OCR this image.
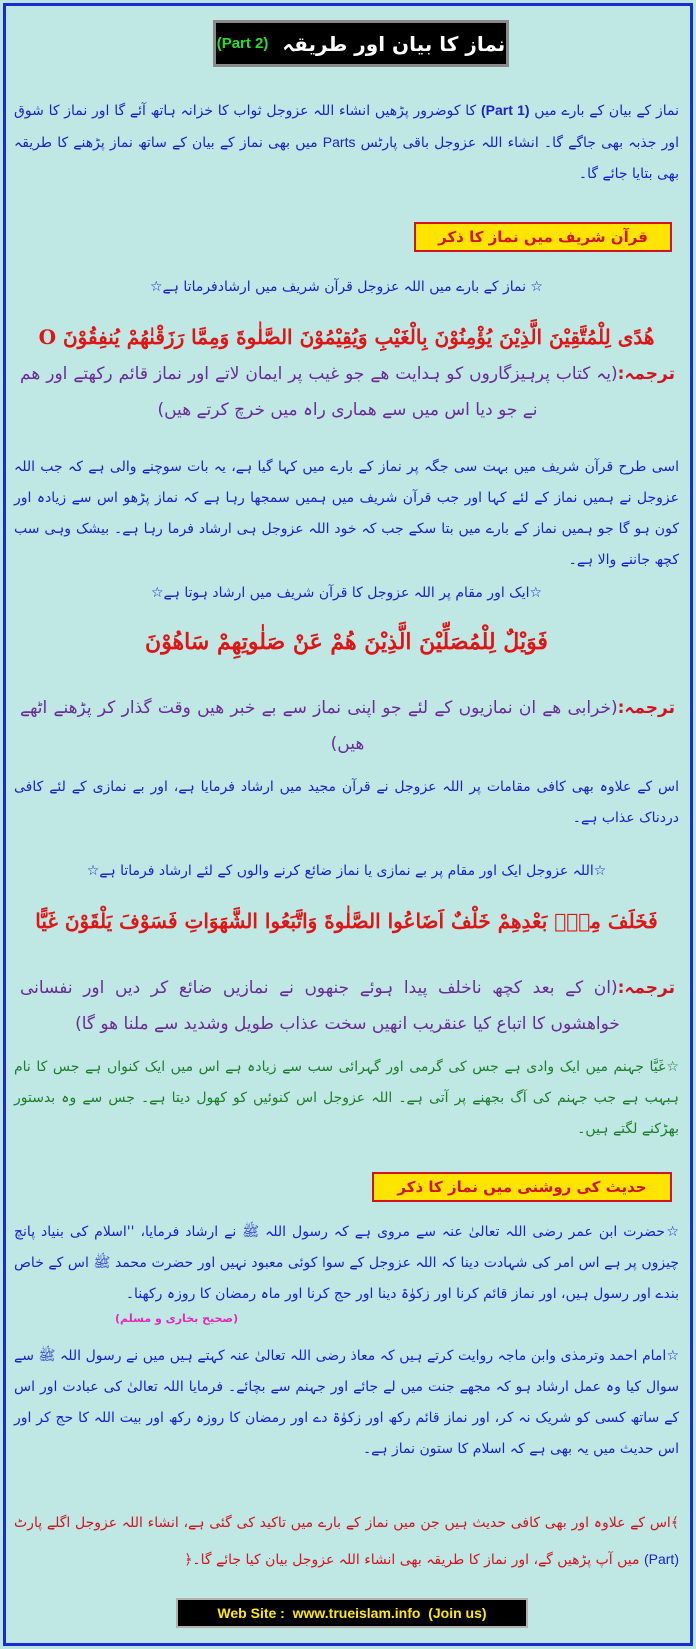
نماز کا بیان اور طریقہ
(Part 2)

نماز کے بیان کے بارے میں (Part 1) کا کوضرور پڑھیں انشاء اللہ عزوجل ثواب کا خزانہ ہاتھ آئے گا اور نماز کا شوق اور جذبہ بھی جاگے گا۔ انشاء اللہ عزوجل باقی پارٹس Parts میں بھی نماز کے بیان کے ساتھ نماز پڑھنے کا طریقہ بھی بتایا جائے گا۔

قرآن شریف میں نماز کا ذکر

☆ نماز کے بارے میں اللہ عزوجل قرآن شریف میں ارشادفرماتا ہے☆

هُدًى لِلْمُتَّقِيْنَ الَّذِيْنَ يُؤْمِنُوْنَ بِالْغَيْبِ وَيُقِيْمُوْنَ الصَّلٰوةَ وَمِمَّا رَزَقْنٰهُمْ يُنفِقُوْنَ O

ترجمہ:(یہ کتاب پرہیزگاروں کو ہدایت ھے جو غیب پر ایمان لاتے اور نماز قائم رکھتے اور ھم نے جو دیا اس میں سے ھماری راہ میں خرچ کرتے ھیں)

اسی طرح قرآن شریف میں بہت سی جگہ پر نماز کے بارے میں کہا گیا ہے، یہ بات سوچنے والی ہے کہ جب اللہ عزوجل نے ہمیں نماز کے لئے کہا اور جب قرآن شریف میں ہمیں سمجھا رہا ہے کہ نماز پڑھو اس سے زیادہ اور کون ہو گا جو ہمیں نماز کے بارے میں بتا سکے جب کہ خود اللہ عزوجل ہی ارشاد فرما رہا ہے۔ بیشک وہی سب کچھ جاننے والا ہے۔

☆ایک اور مقام پر اللہ عزوجل کا قرآن شریف میں ارشاد ہوتا ہے☆

فَوَيْلٌ لِلْمُصَلِّيْنَ الَّذِيْنَ هُمْ عَنْ صَلٰوتِهِمْ سَاهُوْنَ

ترجمہ:(خرابی ھے ان نمازیوں کے لئے جو اپنی نماز سے بے خبر ھیں وقت گذار کر پڑھنے اٹھے ھیں)

اس کے علاوہ بھی کافی مقامات پر اللہ عزوجل نے قرآن مجید میں ارشاد فرمایا ہے، اور بے نمازی کے لئے کافی دردناک عذاب ہے۔

☆اللہ عزوجل ایک اور مقام پر بے نمازی یا نماز ضائع کرنے والوں کے لئے ارشاد فرماتا ہے☆

فَخَلَفَ مِنْۢ بَعْدِهِمْ خَلْفٌ اَضَاعُوا الصَّلٰوةَ وَاتَّبَعُوا الشَّهَوَاتِ فَسَوْفَ يَلْقَوْنَ غَيًّا

ترجمہ:(ان کے بعد کچھ ناخلف پیدا ہوئے جنھوں نے نمازیں ضائع کر دیں اور نفسانی خواھشوں کا اتباع کیا عنقریب انھیں سخت عذاب طویل وشدید سے ملنا ھو گا)

☆غَیَّا جہنم میں ایک وادی ہے جس کی گرمی اور گہرائی سب سے زیادہ ہے اس میں ایک کنواں ہے جس کا نام ہبہب ہے جب جہنم کی آگ بجھنے پر آتی ہے۔ اللہ عزوجل اس کنوئیں کو کھول دیتا ہے۔ جس سے وہ بدستور بھڑکنے لگتے ہیں۔

حدیث کی روشنی میں نماز کا ذکر

☆حضرت ابن عمر رضی اللہ تعالیٰ عنہ سے مروی ہے کہ رسول اللہ ﷺ نے ارشاد فرمایا، ''اسلام کی بنیاد پانچ چیزوں پر ہے اس امر کی شہادت دینا کہ اللہ عزوجل کے سوا کوئی معبود نہیں اور حضرت محمد ﷺ اس کے خاص بندے اور رسول ہیں، اور نماز قائم کرنا اور زکوٰۃ دینا اور حج کرنا اور ماہ رمضان کا روزہ رکھنا۔

(صحیح بخاری و مسلم)

☆امام احمد وترمذی وابن ماجہ روایت کرتے ہیں کہ معاذ رضی اللہ تعالیٰ عنہ کہتے ہیں میں نے رسول اللہ ﷺ سے سوال کیا وہ عمل ارشاد ہو کہ مجھے جنت میں لے جائے اور جہنم سے بچائے۔ فرمایا اللہ تعالیٰ کی عبادت اور اس کے ساتھ کسی کو شریک نہ کر، اور نماز قائم رکھ اور زکوٰۃ دے اور رمضان کا روزہ رکھ اور بیت اللہ کا حج کر اور اس حدیث میں یہ بھی ہے کہ اسلام کا ستون نماز ہے۔

﴾اس کے علاوہ اور بھی کافی حدیث ہیں جن میں نماز کے بارے میں تاکید کی گئی ہے، انشاء اللہ عزوجل اگلے پارٹ (Part) میں آپ پڑھیں گے، اور نماز کا طریقہ بھی انشاء اللہ عزوجل بیان کیا جائے گا۔﴿

Web Site :  www.trueislam.info  (Join us)
